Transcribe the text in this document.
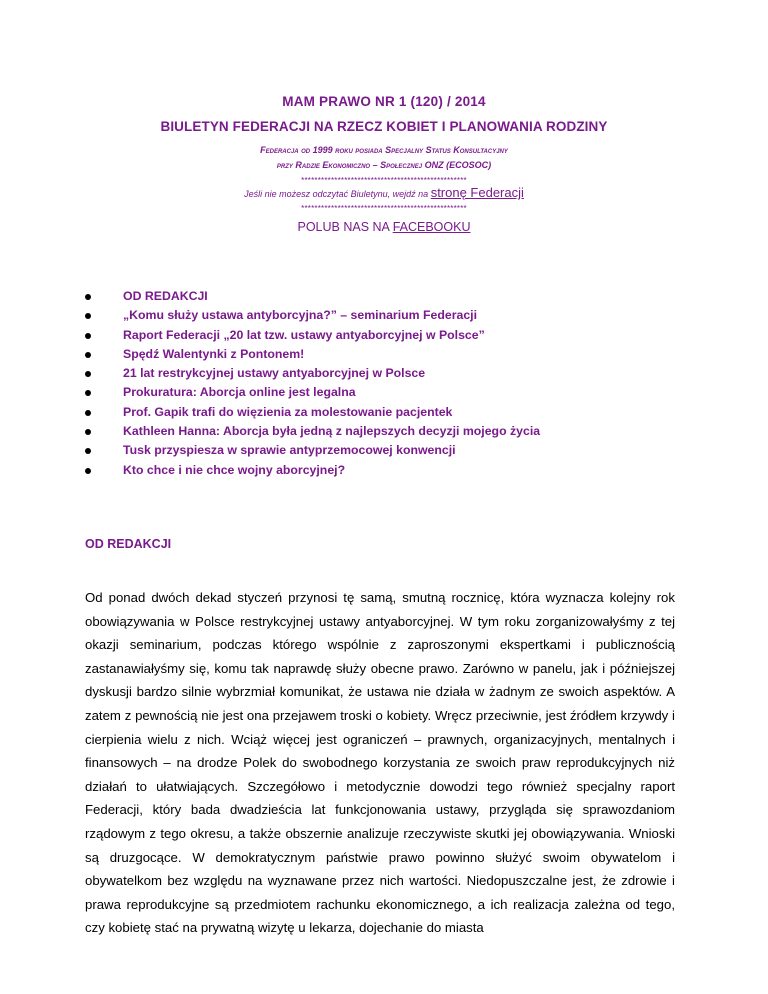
MAM PRAWO NR 1 (120) / 2014
BIULETYN FEDERACJI NA RZECZ KOBIET I PLANOWANIA RODZINY
Federacja od 1999 roku posiada Specjalny Status Konsultacyjny
przy Radzie Ekonomiczno – Społecznej ONZ (ECOSOC)
**************************************************
Jeśli nie możesz odczytać Biuletynu, wejdź na stronę Federacji
**************************************************
POLUB NAS NA FACEBOOKU
OD REDAKCJI
„Komu służy ustawa antyborcyjna?” – seminarium Federacji
Raport Federacji „20 lat tzw. ustawy antyaborcyjnej w Polsce”
Spędź Walentynki z Pontonem!
21 lat restrykcyjnej ustawy antyaborcyjnej w Polsce
Prokuratura: Aborcja online jest legalna
Prof. Gapik trafi do więzienia za molestowanie pacjentek
Kathleen Hanna: Aborcja była jedną z najlepszych decyzji mojego życia
Tusk przyspiesza w sprawie antyprzemocowej konwencji
Kto chce i nie chce wojny aborcyjnej?
OD REDAKCJI

Od ponad dwóch dekad styczeń przynosi tę samą, smutną rocznicę, która wyznacza kolejny rok obowiązywania w Polsce restrykcyjnej ustawy antyaborcyjnej. W tym roku zorganizowałyśmy z tej okazji seminarium, podczas którego wspólnie z zaproszonymi ekspertkami i publicznością zastanawiałyśmy się, komu tak naprawdę służy obecne prawo. Zarówno w panelu, jak i późniejszej dyskusji bardzo silnie wybrzmiał komunikat, że ustawa nie działa w żadnym ze swoich aspektów. A zatem z pewnością nie jest ona przejawem troski o kobiety. Wręcz przeciwnie, jest źródłem krzywdy i cierpienia wielu z nich. Wciąż więcej jest ograniczeń – prawnych, organizacyjnych, mentalnych i finansowych – na drodze Polek do swobodnego korzystania ze swoich praw reprodukcyjnych niż działań to ułatwiających. Szczegółowo i metodycznie dowodzi tego również specjalny raport Federacji, który bada dwadzieścia lat funkcjonowania ustawy, przygląda się sprawozdaniom rządowym z tego okresu, a także obszernie analizuje rzeczywiste skutki jej obowiązywania. Wnioski są druzgocące. W demokratycznym państwie prawo powinno służyć swoim obywatelom i obywatelkom bez względu na wyznawane przez nich wartości. Niedopuszczalne jest, że zdrowie i prawa reprodukcyjne są przedmiotem rachunku ekonomicznego, a ich realizacja zależna od tego, czy kobietę stać na prywatną wizytę u lekarza, dojechanie do miasta
